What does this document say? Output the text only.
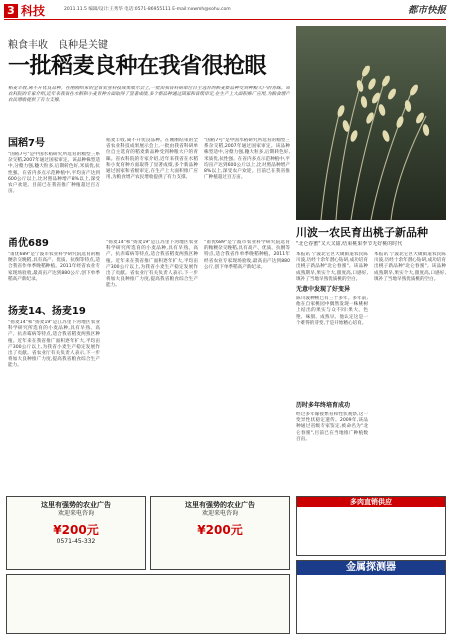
3 科技	2011.11.5 编辑/设计:王秀华 电话:0571-86955111 E-mail:nxwmh@sohu.com	都市快报
粮食丰收　良种是关键
一批稻麦良种在我省很抢眼
稻麦丰收,离不开优良品种。在刚刚结束的全省农业科技成果展示会上,一批由我省科研单位自主选育的稻麦新品种受到种粮大户的青睐。省农科院的专家介绍,近年来我省在水稻和小麦育种方面取得了显著成绩,多个新品种通过国家和省级审定,在生产上大面积推广应用,为粮食增产农民增收提供了有力支撑。
国稻7号
"国稻7号"是中国水稻研究所选育的籼型三系杂交稻,2007年通过国家审定。该品种株型适中,分蘖力强,穗大粒多,后期转色好,米质优,抗性强。在省内多点示范种植中,平均亩产达到600公斤以上,比对照品种增产8%以上,深受农户欢迎。目前已在我省推广种植超过百万亩。
甬优689
"甬优689"是宁波市农业科学研究院选育的籼粳杂交晚稻,具有高产、优质、抗倒等特点,适合我省作单季晚稻种植。2011年经省农业专家现场验收,最高亩产达到880公斤,创下单季稻高产新纪录。
扬麦14、扬麦19
"扬麦14"和"扬麦19"是江苏里下河地区农业科学研究所选育的小麦品种,具有早熟、高产、抗赤霉病等特点,适合我省稻麦两熟区种植。近年来在我省推广面积逐年扩大,平均亩产300公斤以上,为我省小麦生产稳定发展作出了贡献。省农业厅有关负责人表示,下一步将加大良种推广力度,提高我省粮食综合生产能力。
稻麦丰收,离不开优良品种。在刚刚结束的全省农业科技成果展示会上,一批由我省科研单位自主选育的稻麦新品种受到种粮大户的青睐。省农科院的专家介绍,近年来我省在水稻和小麦育种方面取得了显著成绩,多个新品种通过国家和省级审定,在生产上大面积推广应用,为粮食增产农民增收提供了有力支撑。
"扬麦14"和"扬麦19"是江苏里下河地区农业科学研究所选育的小麦品种,具有早熟、高产、抗赤霉病等特点,适合我省稻麦两熟区种植。近年来在我省推广面积逐年扩大,平均亩产300公斤以上,为我省小麦生产稳定发展作出了贡献。省农业厅有关负责人表示,下一步将加大良种推广力度,提高我省粮食综合生产能力。
"国稻7号"是中国水稻研究所选育的籼型三系杂交稻,2007年通过国家审定。该品种株型适中,分蘖力强,穗大粒多,后期转色好,米质优,抗性强。在省内多点示范种植中,平均亩产达到600公斤以上,比对照品种增产8%以上,深受农户欢迎。目前已在我省推广种植超过百万亩。
"甬优689"是宁波市农业科学研究院选育的籼粳杂交晚稻,具有高产、优质、抗倒等特点,适合我省作单季晚稻种植。2011年经省农业专家现场验收,最高亩产达到880公斤,创下单季稻高产新纪录。
川波一农民育出桃子新品种
"北仑春蜜"又大又甜,结束桃果季节无好桃的时代
本报讯 宁波北仑区大碶街道农民陈川波,历经十余年潜心钻研,成功培育出桃子新品种"北仑春蜜"。该品种成熟期早,果实个大,甜度高,口感好,填补了当地早熟优质桃的空白。
无意中发现了好变异
陈川波种桃已有三十多年。多年前,他在自家桃园中偶然发现一株桃树上结出的果实与众不同:果大、色艳、味甜、成熟早。他认定这是一个难得的芽变,于是开始精心培育。
历时多年终培育成功
经过多年嫁接繁育和性状观察,这一变异性状稳定遗传。2009年,该品种通过省级专家鉴定,被命名为"北仑春蜜",目前已在当地推广种植数百亩。
本报讯 宁波北仑区大碶街道农民陈川波,历经十余年潜心钻研,成功培育出桃子新品种"北仑春蜜"。该品种成熟期早,果实个大,甜度高,口感好,填补了当地早熟优质桃的空白。
这里有强势的农业广告
欢迎来电咨询
¥200元
0571-45-332
这里有强势的农业广告
欢迎来电咨询
¥200元
多肉直销供应
金属探测器
